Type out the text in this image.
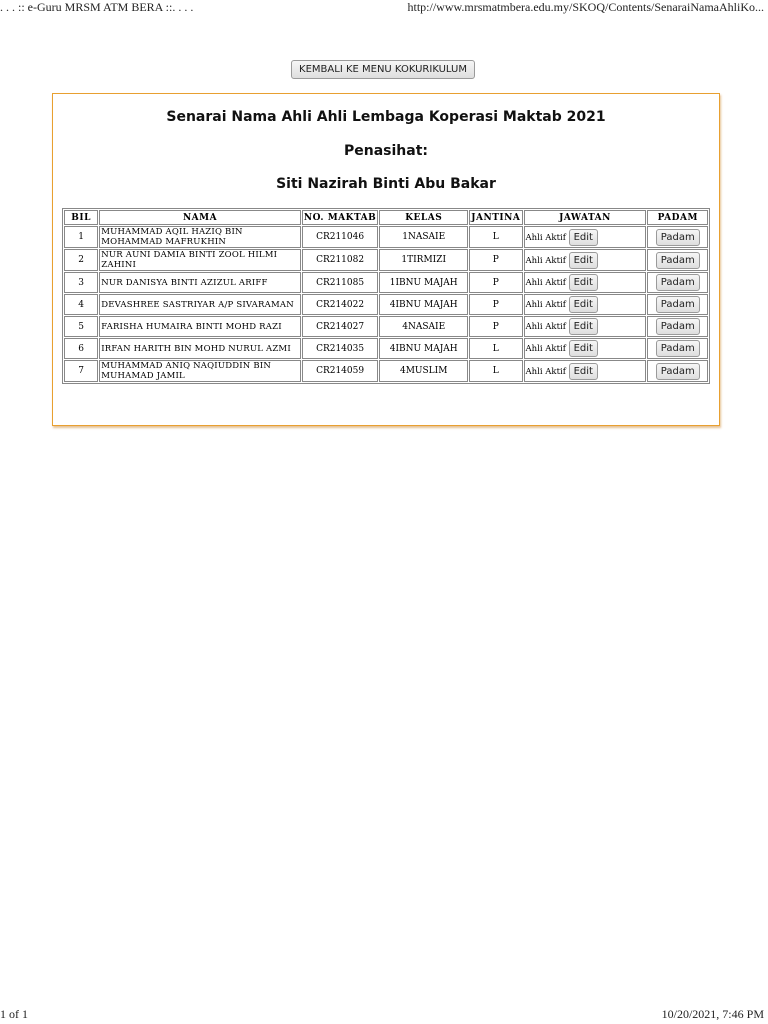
. . . :: e-Guru MRSM ATM BERA ::. . . .	http://www.mrsmatmbera.edu.my/SKOQ/Contents/SenaraiNamaAhliKo...
KEMBALI KE MENU KOKURIKULUM
Senarai Nama Ahli Ahli Lembaga Koperasi Maktab 2021
Penasihat:
Siti Nazirah Binti Abu Bakar
BIL	NAMA	NO. MAKTAB	KELAS	JANTINA	JAWATAN	PADAM
1	MUHAMMAD AQIL HAZIQ BIN MOHAMMAD MAFRUKHIN	CR211046	1NASAIE	L	Ahli Aktif Edit	Padam
2	NUR AUNI DAMIA BINTI ZOOL HILMI ZAHINI	CR211082	1TIRMIZI	P	Ahli Aktif Edit	Padam
3	NUR DANISYA BINTI AZIZUL ARIFF	CR211085	1IBNU MAJAH	P	Ahli Aktif Edit	Padam
4	DEVASHREE SASTRIYAR A/P SIVARAMAN	CR214022	4IBNU MAJAH	P	Ahli Aktif Edit	Padam
5	FARISHA HUMAIRA BINTI MOHD RAZI	CR214027	4NASAIE	P	Ahli Aktif Edit	Padam
6	IRFAN HARITH BIN MOHD NURUL AZMI	CR214035	4IBNU MAJAH	L	Ahli Aktif Edit	Padam
7	MUHAMMAD ANIQ NAQIUDDIN BIN MUHAMAD JAMIL	CR214059	4MUSLIM	L	Ahli Aktif Edit	Padam
1 of 1	10/20/2021, 7:46 PM
